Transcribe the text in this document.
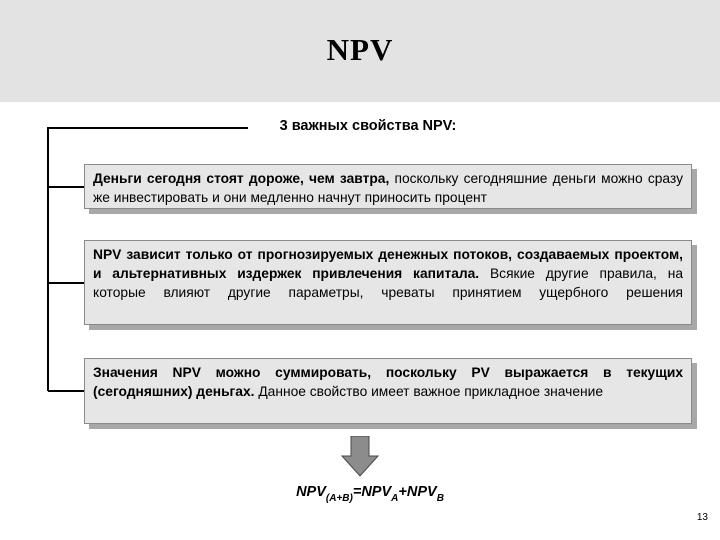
NPV
3 важных свойства NPV:
Деньги сегодня стоят дороже, чем завтра, поскольку сегодняшние деньги можно сразу же инвестировать и они медленно начнут приносить процент
NPV зависит только от прогнозируемых денежных потоков, создаваемых проектом, и альтернативных издержек привлечения капитала. Всякие другие правила, на которые влияют другие параметры, чреваты принятием ущербного решения
Значения NPV можно суммировать, поскольку PV выражается в текущих (сегодняшних) деньгах. Данное свойство имеет важное прикладное значение
$NPV_{(A+B)}=NPV_A+NPV_B$
13
